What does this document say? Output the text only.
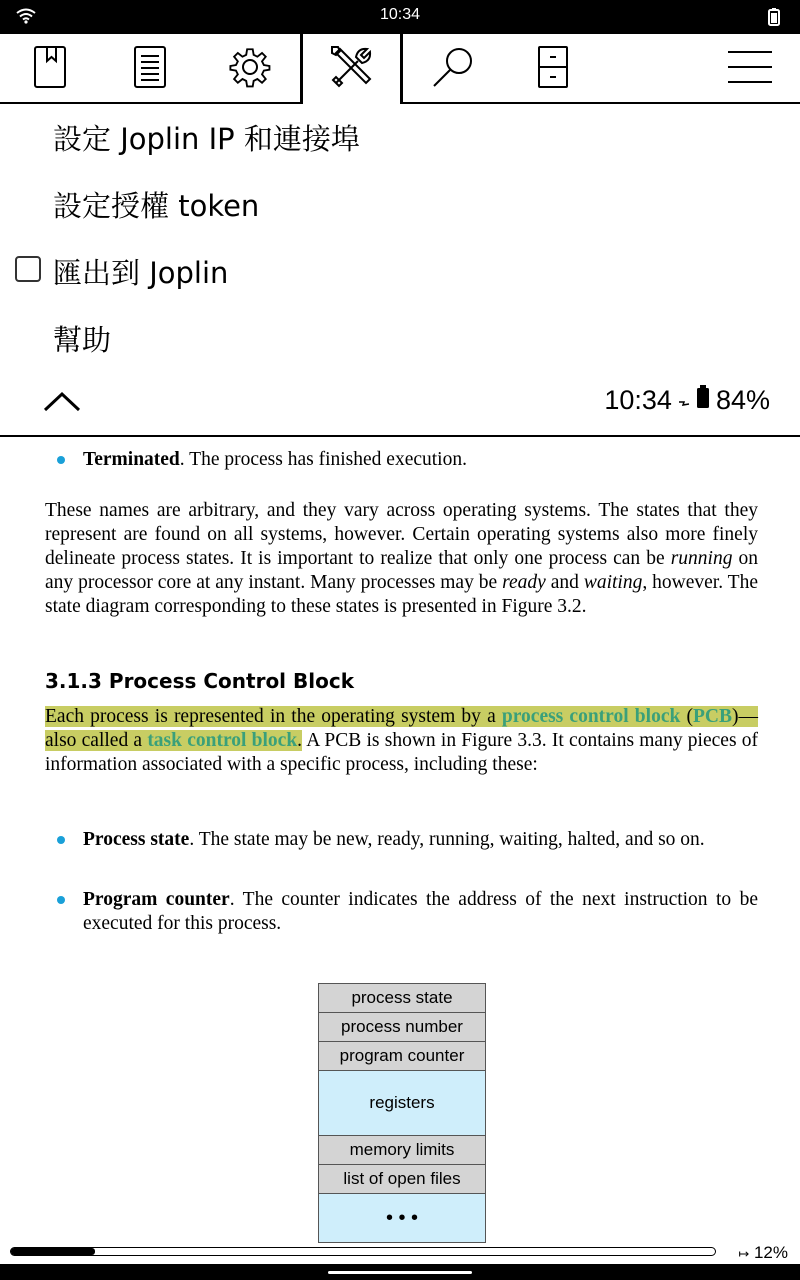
10:34
設定 Joplin IP 和連接埠
設定授權 token
匯出到 Joplin
幫助
10:34 84%
Terminated. The process has finished execution.
These names are arbitrary, and they vary across operating systems. The states that they represent are found on all systems, however. Certain operating systems also more finely delineate process states. It is important to realize that only one process can be running on any processor core at any instant. Many processes may be ready and waiting, however. The state diagram corresponding to these states is presented in Figure 3.2.
3.1.3 Process Control Block
Each process is represented in the operating system by a process control block (PCB)—also called a task control block. A PCB is shown in Figure 3.3. It contains many pieces of information associated with a specific process, including these:
Process state. The state may be new, ready, running, waiting, halted, and so on.
Program counter. The counter indicates the address of the next instruction to be executed for this process.
process state
process number
program counter
registers
memory limits
list of open files
• • •
↦ 12%
